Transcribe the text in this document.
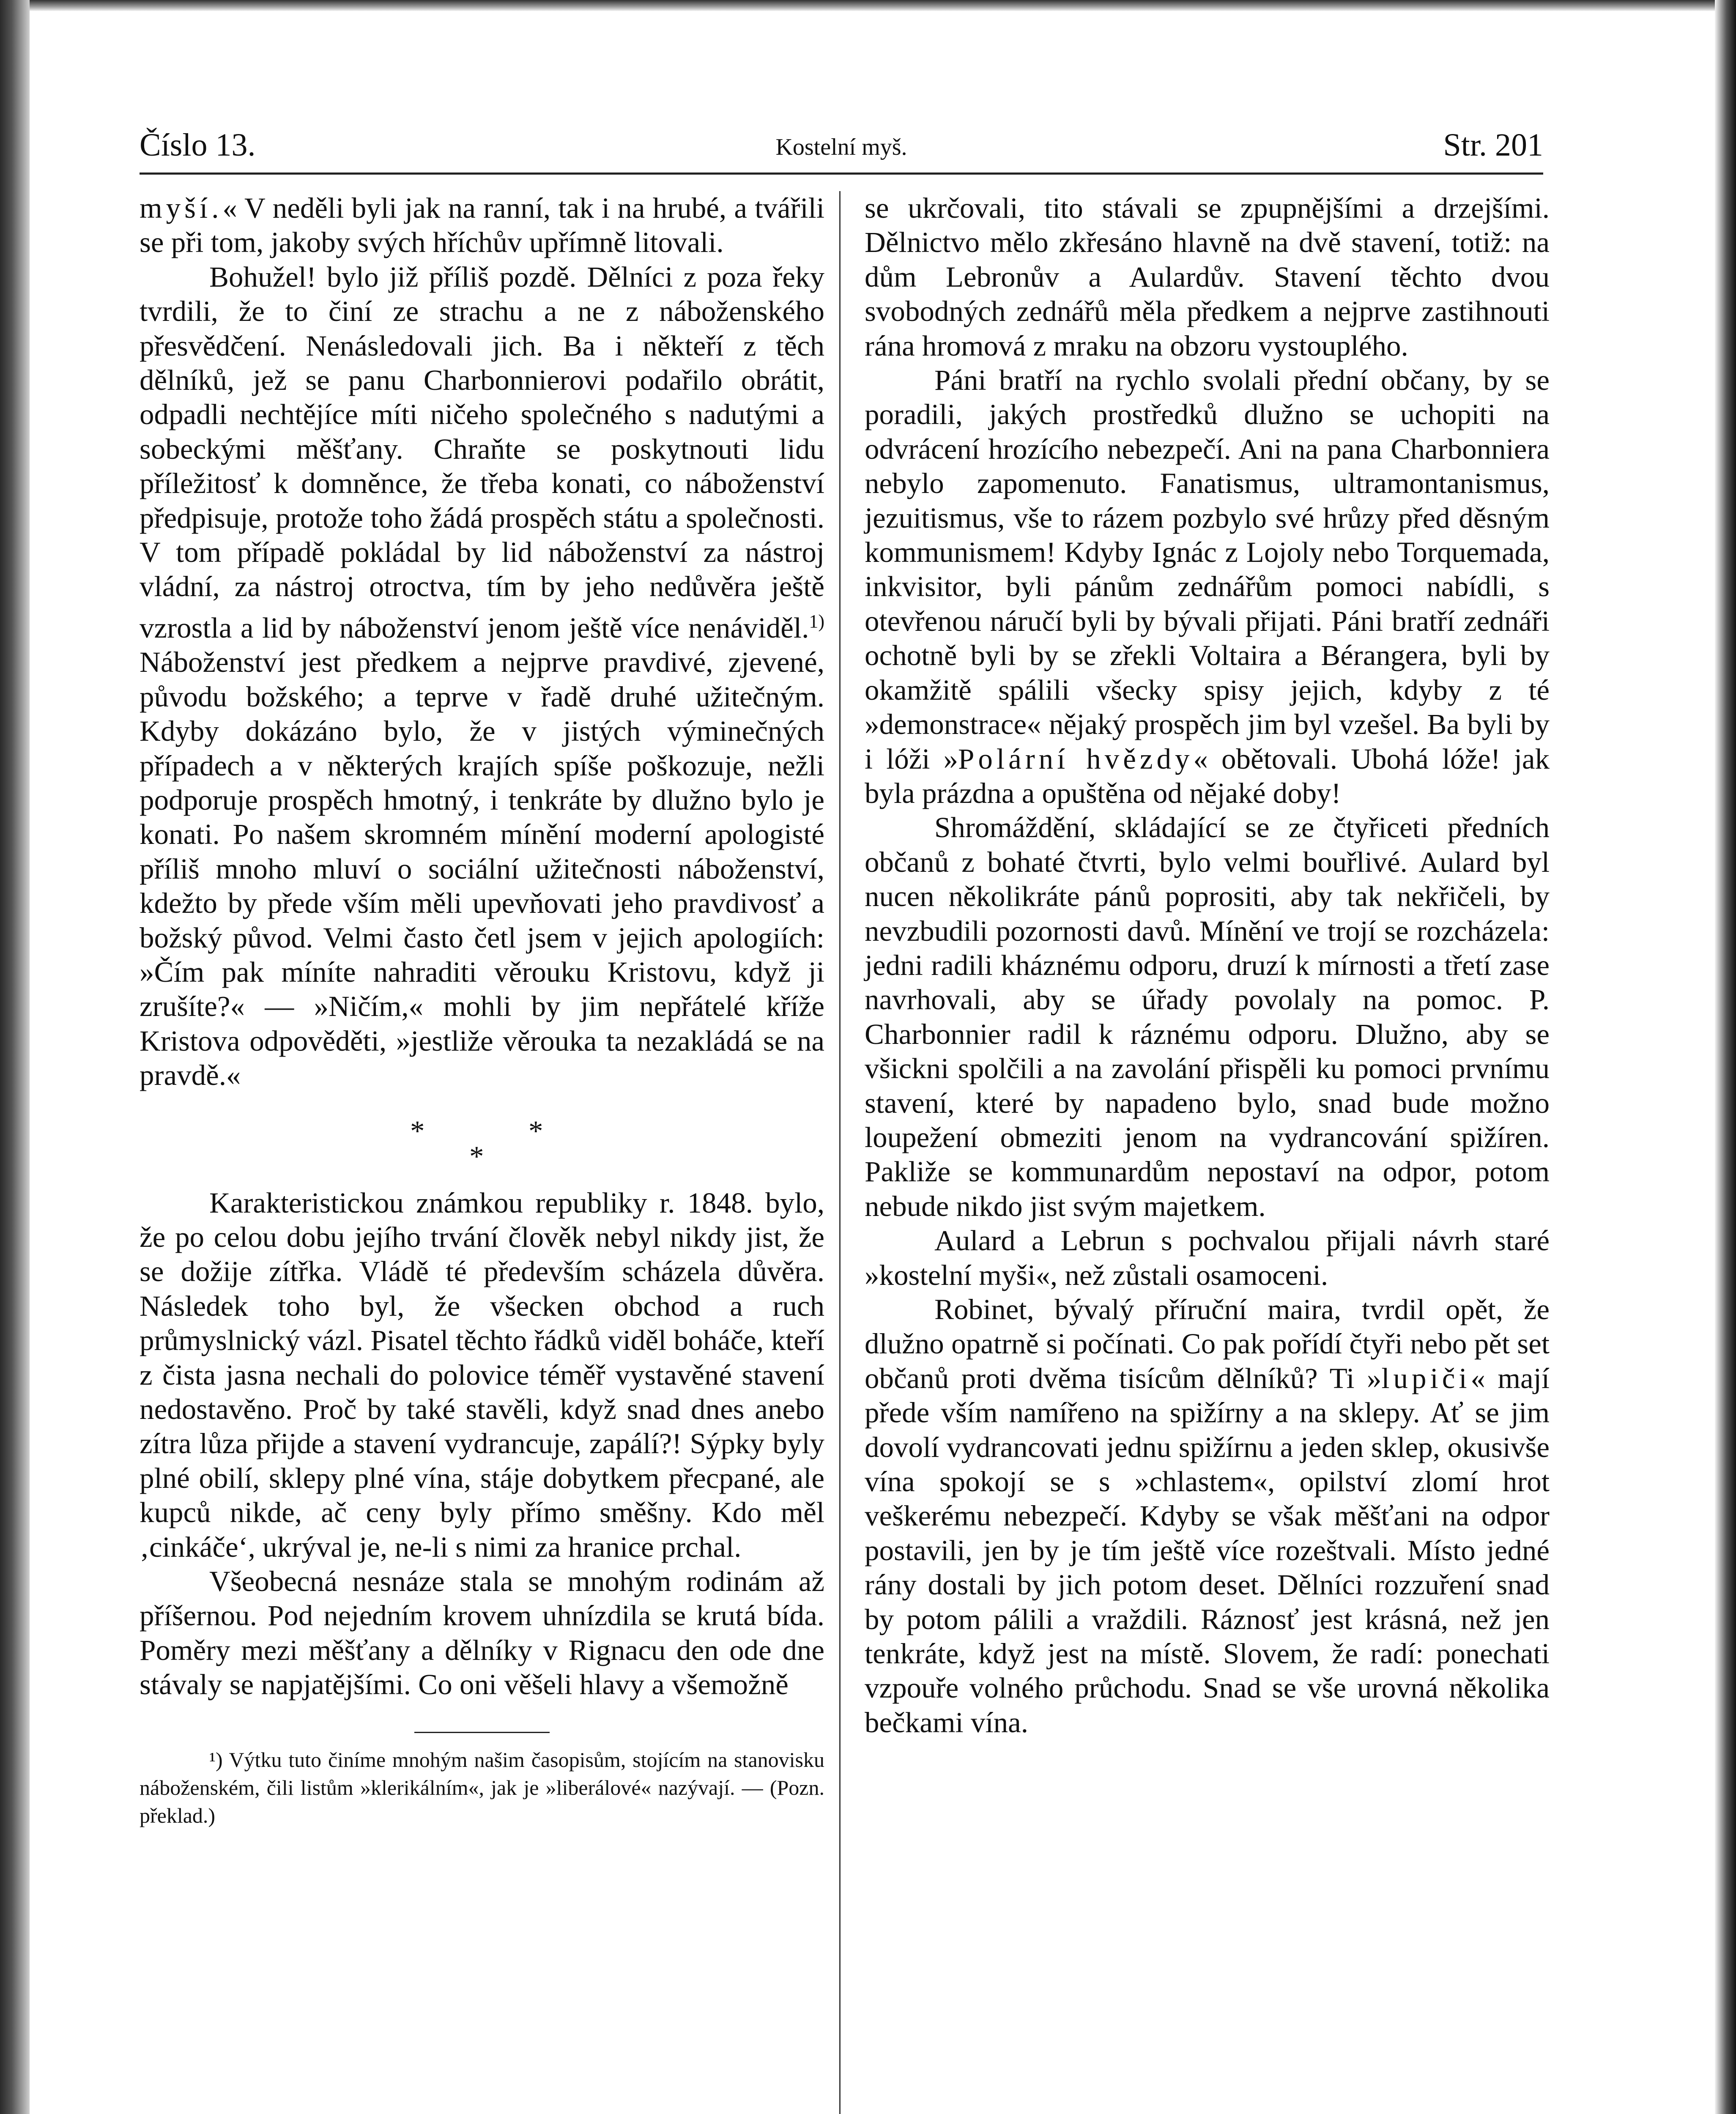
Číslo 13.	Kostelní myš.	Str. 201

myší.« V neděli byli jak na ranní, tak i na hrubé, a tvářili se při tom, jakoby svých hříchův upřímně litovali.

Bohužel! bylo již příliš pozdě. Dělníci z poza řeky tvrdili, že to činí ze strachu a ne z náboženského přesvědčení. Nenásledovali jich. Ba i někteří z těch dělníků, jež se panu Charbonnierovi podařilo obrátit, odpadli nechtějíce míti ničeho společného s nadutými a sobeckými měšťany. Chraňte se poskytnouti lidu příležitosť k domněnce, že třeba konati, co náboženství předpisuje, protože toho žádá prospěch státu a společnosti. V tom případě pokládal by lid náboženství za nástroj vládní, za nástroj otroctva, tím by jeho nedůvěra ještě vzrostla a lid by náboženství jenom ještě více nenáviděl.$^{1)}$ Náboženství jest předkem a nejprve pravdivé, zjevené, původu božského; a teprve v řadě druhé užitečným. Kdyby dokázáno bylo, že v jistých výminečných případech a v některých krajích spíše poškozuje, nežli podporuje prospěch hmotný, i tenkráte by dlužno bylo je konati. Po našem skromném mínění moderní apologisté příliš mnoho mluví o sociální užitečnosti náboženství, kdežto by přede vším měli upevňovati jeho pravdivosť a božský původ. Velmi často četl jsem v jejich apologiích: »Čím pak míníte nahraditi věrouku Kristovu, když ji zrušíte?« — »Ničím,« mohli by jim nepřátelé kříže Kristova odpověděti, »jestliže věrouka ta nezakládá se na pravdě.«

*
*
*

Karakteristickou známkou republiky r. 1848. bylo, že po celou dobu jejího trvání člověk nebyl nikdy jist, že se dožije zítřka. Vládě té především scházela důvěra. Následek toho byl, že všecken obchod a ruch průmyslnický vázl. Pisatel těchto řádků viděl boháče, kteří z čista jasna nechali do polovice téměř vystavěné stavení nedostavěno. Proč by také stavěli, když snad dnes anebo zítra lůza přijde a stavení vydrancuje, zapálí?! Sýpky byly plné obilí, sklepy plné vína, stáje dobytkem přecpané, ale kupců nikde, ač ceny byly přímo směšny. Kdo měl ‚cinkáče‘, ukrýval je, ne-li s nimi za hranice prchal.

Všeobecná nesnáze stala se mnohým rodinám až příšernou. Pod nejedním krovem uhnízdila se krutá bída. Poměry mezi měšťany a dělníky v Rignacu den ode dne stávaly se napjatějšími. Co oni věšeli hlavy a všemožně

¹) Výtku tuto činíme mnohým našim časopisům, stojícím na stanovisku náboženském, čili listům »klerikálním«, jak je »liberálové« nazývají. — (Pozn. překlad.)

se ukrčovali, tito stávali se zpupnějšími a drzejšími. Dělnictvo mělo zkřesáno hlavně na dvě stavení, totiž: na dům Lebronův a Aulardův. Stavení těchto dvou svobodných zednářů měla předkem a nejprve zastihnouti rána hromová z mraku na obzoru vystouplého.

Páni bratří na rychlo svolali přední občany, by se poradili, jakých prostředků dlužno se uchopiti na odvrácení hrozícího nebezpečí. Ani na pana Charbonniera nebylo zapomenuto. Fanatismus, ultramontanismus, jezuitismus, vše to rázem pozbylo své hrůzy před děsným kommunismem! Kdyby Ignác z Lojoly nebo Torquemada, inkvisitor, byli pánům zednářům pomoci nabídli, s otevřenou náručí byli by bývali přijati. Páni bratří zednáři ochotně byli by se zřekli Voltaira a Bérangera, byli by okamžitě spálili všecky spisy jejich, kdyby z té »demonstrace« nějaký prospěch jim byl vzešel. Ba byli by i lóži »Polární hvězdy« obětovali. Ubohá lóže! jak byla prázdna a opuštěna od nějaké doby!

Shromáždění, skládající se ze čtyřiceti předních občanů z bohaté čtvrti, bylo velmi bouřlivé. Aulard byl nucen několikráte pánů poprositi, aby tak nekřičeli, by nevzbudili pozornosti davů. Mínění ve trojí se rozcházela: jedni radili kháznému odporu, druzí k mírnosti a třetí zase navrhovali, aby se úřady povolaly na pomoc. P. Charbonnier radil k ráznému odporu. Dlužno, aby se všickni spolčili a na zavolání přispěli ku pomoci prvnímu stavení, které by napadeno bylo, snad bude možno loupežení obmeziti jenom na vydrancování spižíren. Pakliže se kommunardům nepostaví na odpor, potom nebude nikdo jist svým majetkem.

Aulard a Lebrun s pochvalou přijali návrh staré »kostelní myši«, než zůstali osamoceni.

Robinet, bývalý příruční maira, tvrdil opět, že dlužno opatrně si počínati. Co pak pořídí čtyři nebo pět set občanů proti dvěma tisícům dělníků? Ti »lupiči« mají přede vším namířeno na spižírny a na sklepy. Ať se jim dovolí vydrancovati jednu spižírnu a jeden sklep, okusivše vína spokojí se s »chlastem«, opilství zlomí hrot veškerému nebezpečí. Kdyby se však měšťani na odpor postavili, jen by je tím ještě více rozeštvali. Místo jedné rány dostali by jich potom deset. Dělníci rozzuření snad by potom pálili a vraždili. Ráznosť jest krásná, než jen tenkráte, když jest na místě. Slovem, že radí: ponechati vzpouře volného průchodu. Snad se vše urovná několika bečkami vína.
